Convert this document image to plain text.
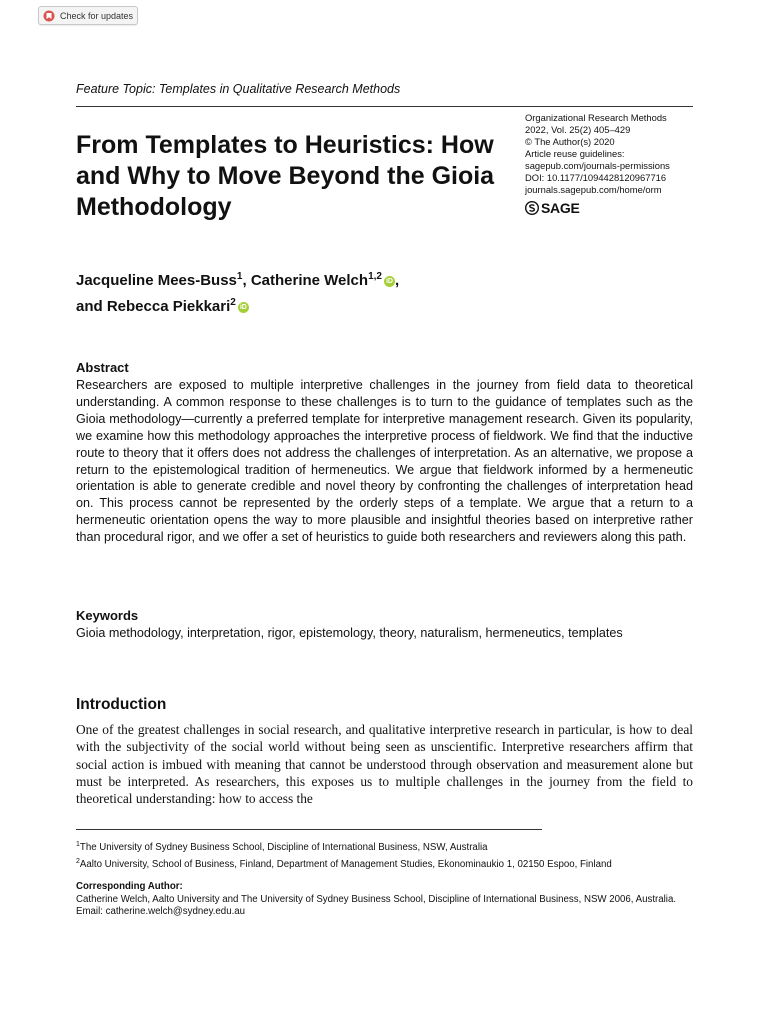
Check for updates
Feature Topic: Templates in Qualitative Research Methods
From Templates to Heuristics: How and Why to Move Beyond the Gioia Methodology
Organizational Research Methods
2022, Vol. 25(2) 405–429
© The Author(s) 2020
Article reuse guidelines:
sagepub.com/journals-permissions
DOI: 10.1177/1094428120967716
journals.sagepub.com/home/orm
SAGE
Jacqueline Mees-Buss$^1$, Catherine Welch$^{1,2}$ iD ,
and Rebecca Piekkari$^2$ iD
Abstract

Researchers are exposed to multiple interpretive challenges in the journey from field data to theoretical understanding. A common response to these challenges is to turn to the guidance of templates such as the Gioia methodology—currently a preferred template for interpretive management research. Given its popularity, we examine how this methodology approaches the interpretive process of fieldwork. We find that the inductive route to theory that it offers does not address the challenges of interpretation. As an alternative, we propose a return to the epistemological tradition of hermeneutics. We argue that fieldwork informed by a hermeneutic orientation is able to generate credible and novel theory by confronting the challenges of interpretation head on. This process cannot be represented by the orderly steps of a template. We argue that a return to a hermeneutic orientation opens the way to more plausible and insightful theories based on interpretive rather than procedural rigor, and we offer a set of heuristics to guide both researchers and reviewers along this path.

Keywords

Gioia methodology, interpretation, rigor, epistemology, theory, naturalism, hermeneutics, templates

Introduction

One of the greatest challenges in social research, and qualitative interpretive research in particular, is how to deal with the subjectivity of the social world without being seen as unscientific. Interpretive researchers affirm that social action is imbued with meaning that cannot be understood through observation and measurement alone but must be interpreted. As researchers, this exposes us to multiple challenges in the journey from the field to theoretical understanding: how to access the

$^1$The University of Sydney Business School, Discipline of International Business, NSW, Australia
$^2$Aalto University, School of Business, Finland, Department of Management Studies, Ekonominaukio 1, 02150 Espoo, Finland
Corresponding Author:
Catherine Welch, Aalto University and The University of Sydney Business School, Discipline of International Business, NSW 2006, Australia.
Email: catherine.welch@sydney.edu.au
